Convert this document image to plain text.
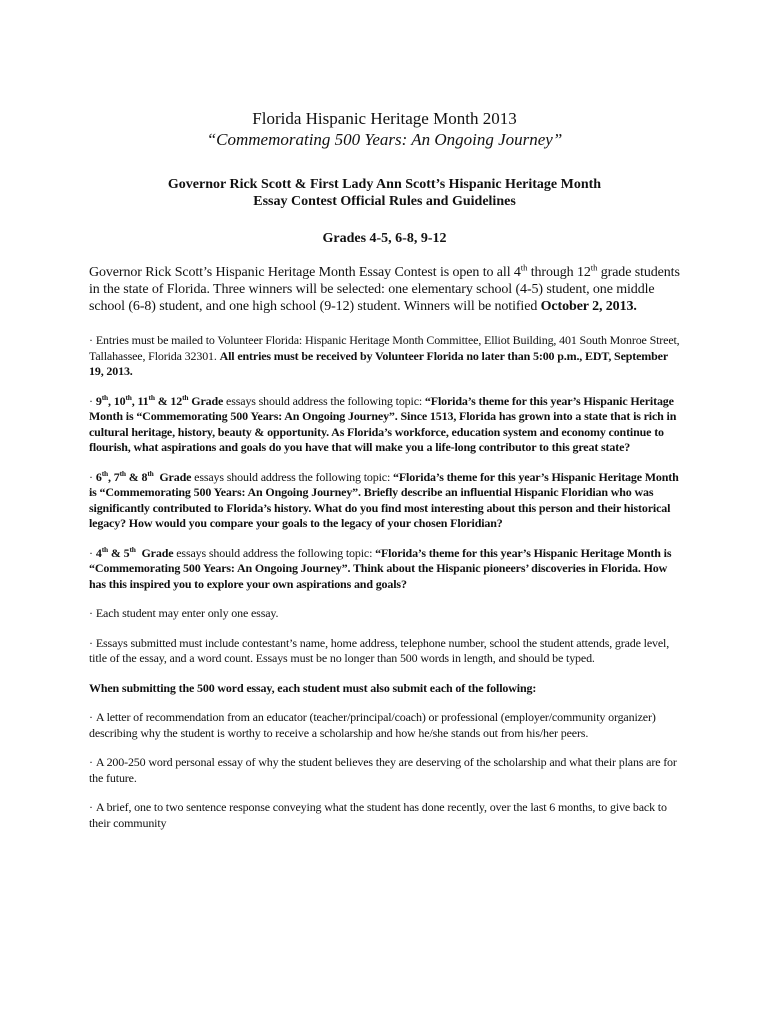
Florida Hispanic Heritage Month 2013

“Commemorating 500 Years: An Ongoing Journey”

Governor Rick Scott & First Lady Ann Scott’s Hispanic Heritage Month

Essay Contest Official Rules and Guidelines

Grades 4-5, 6-8, 9-12

Governor Rick Scott’s Hispanic Heritage Month Essay Contest is open to all 4th through 12th grade students in the state of Florida. Three winners will be selected: one elementary school (4-5) student, one middle school (6-8) student, and one high school (9-12) student. Winners will be notified October 2, 2013.

· Entries must be mailed to Volunteer Florida: Hispanic Heritage Month Committee, Elliot Building, 401 South Monroe Street, Tallahassee, Florida 32301. All entries must be received by Volunteer Florida no later than 5:00 p.m., EDT, September 19, 2013.

· 9th, 10th, 11th & 12th Grade essays should address the following topic: “Florida’s theme for this year’s Hispanic Heritage Month is “Commemorating 500 Years: An Ongoing Journey”. Since 1513, Florida has grown into a state that is rich in cultural heritage, history, beauty & opportunity. As Florida’s workforce, education system and economy continue to flourish, what aspirations and goals do you have that will make you a life-long contributor to this great state?

· 6th, 7th & 8th  Grade essays should address the following topic: “Florida’s theme for this year’s Hispanic Heritage Month is “Commemorating 500 Years: An Ongoing Journey”. Briefly describe an influential Hispanic Floridian who was significantly contributed to Florida’s history. What do you find most interesting about this person and their historical legacy? How would you compare your goals to the legacy of your chosen Floridian?

· 4th & 5th  Grade essays should address the following topic: “Florida’s theme for this year’s Hispanic Heritage Month is “Commemorating 500 Years: An Ongoing Journey”. Think about the Hispanic pioneers’ discoveries in Florida. How has this inspired you to explore your own aspirations and goals?

· Each student may enter only one essay.

· Essays submitted must include contestant’s name, home address, telephone number, school the student attends, grade level, title of the essay, and a word count. Essays must be no longer than 500 words in length, and should be typed.

When submitting the 500 word essay, each student must also submit each of the following:

· A letter of recommendation from an educator (teacher/principal/coach) or professional (employer/community organizer) describing why the student is worthy to receive a scholarship and how he/she stands out from his/her peers.

· A 200-250 word personal essay of why the student believes they are deserving of the scholarship and what their plans are for the future.

· A brief, one to two sentence response conveying what the student has done recently, over the last 6 months, to give back to their community
